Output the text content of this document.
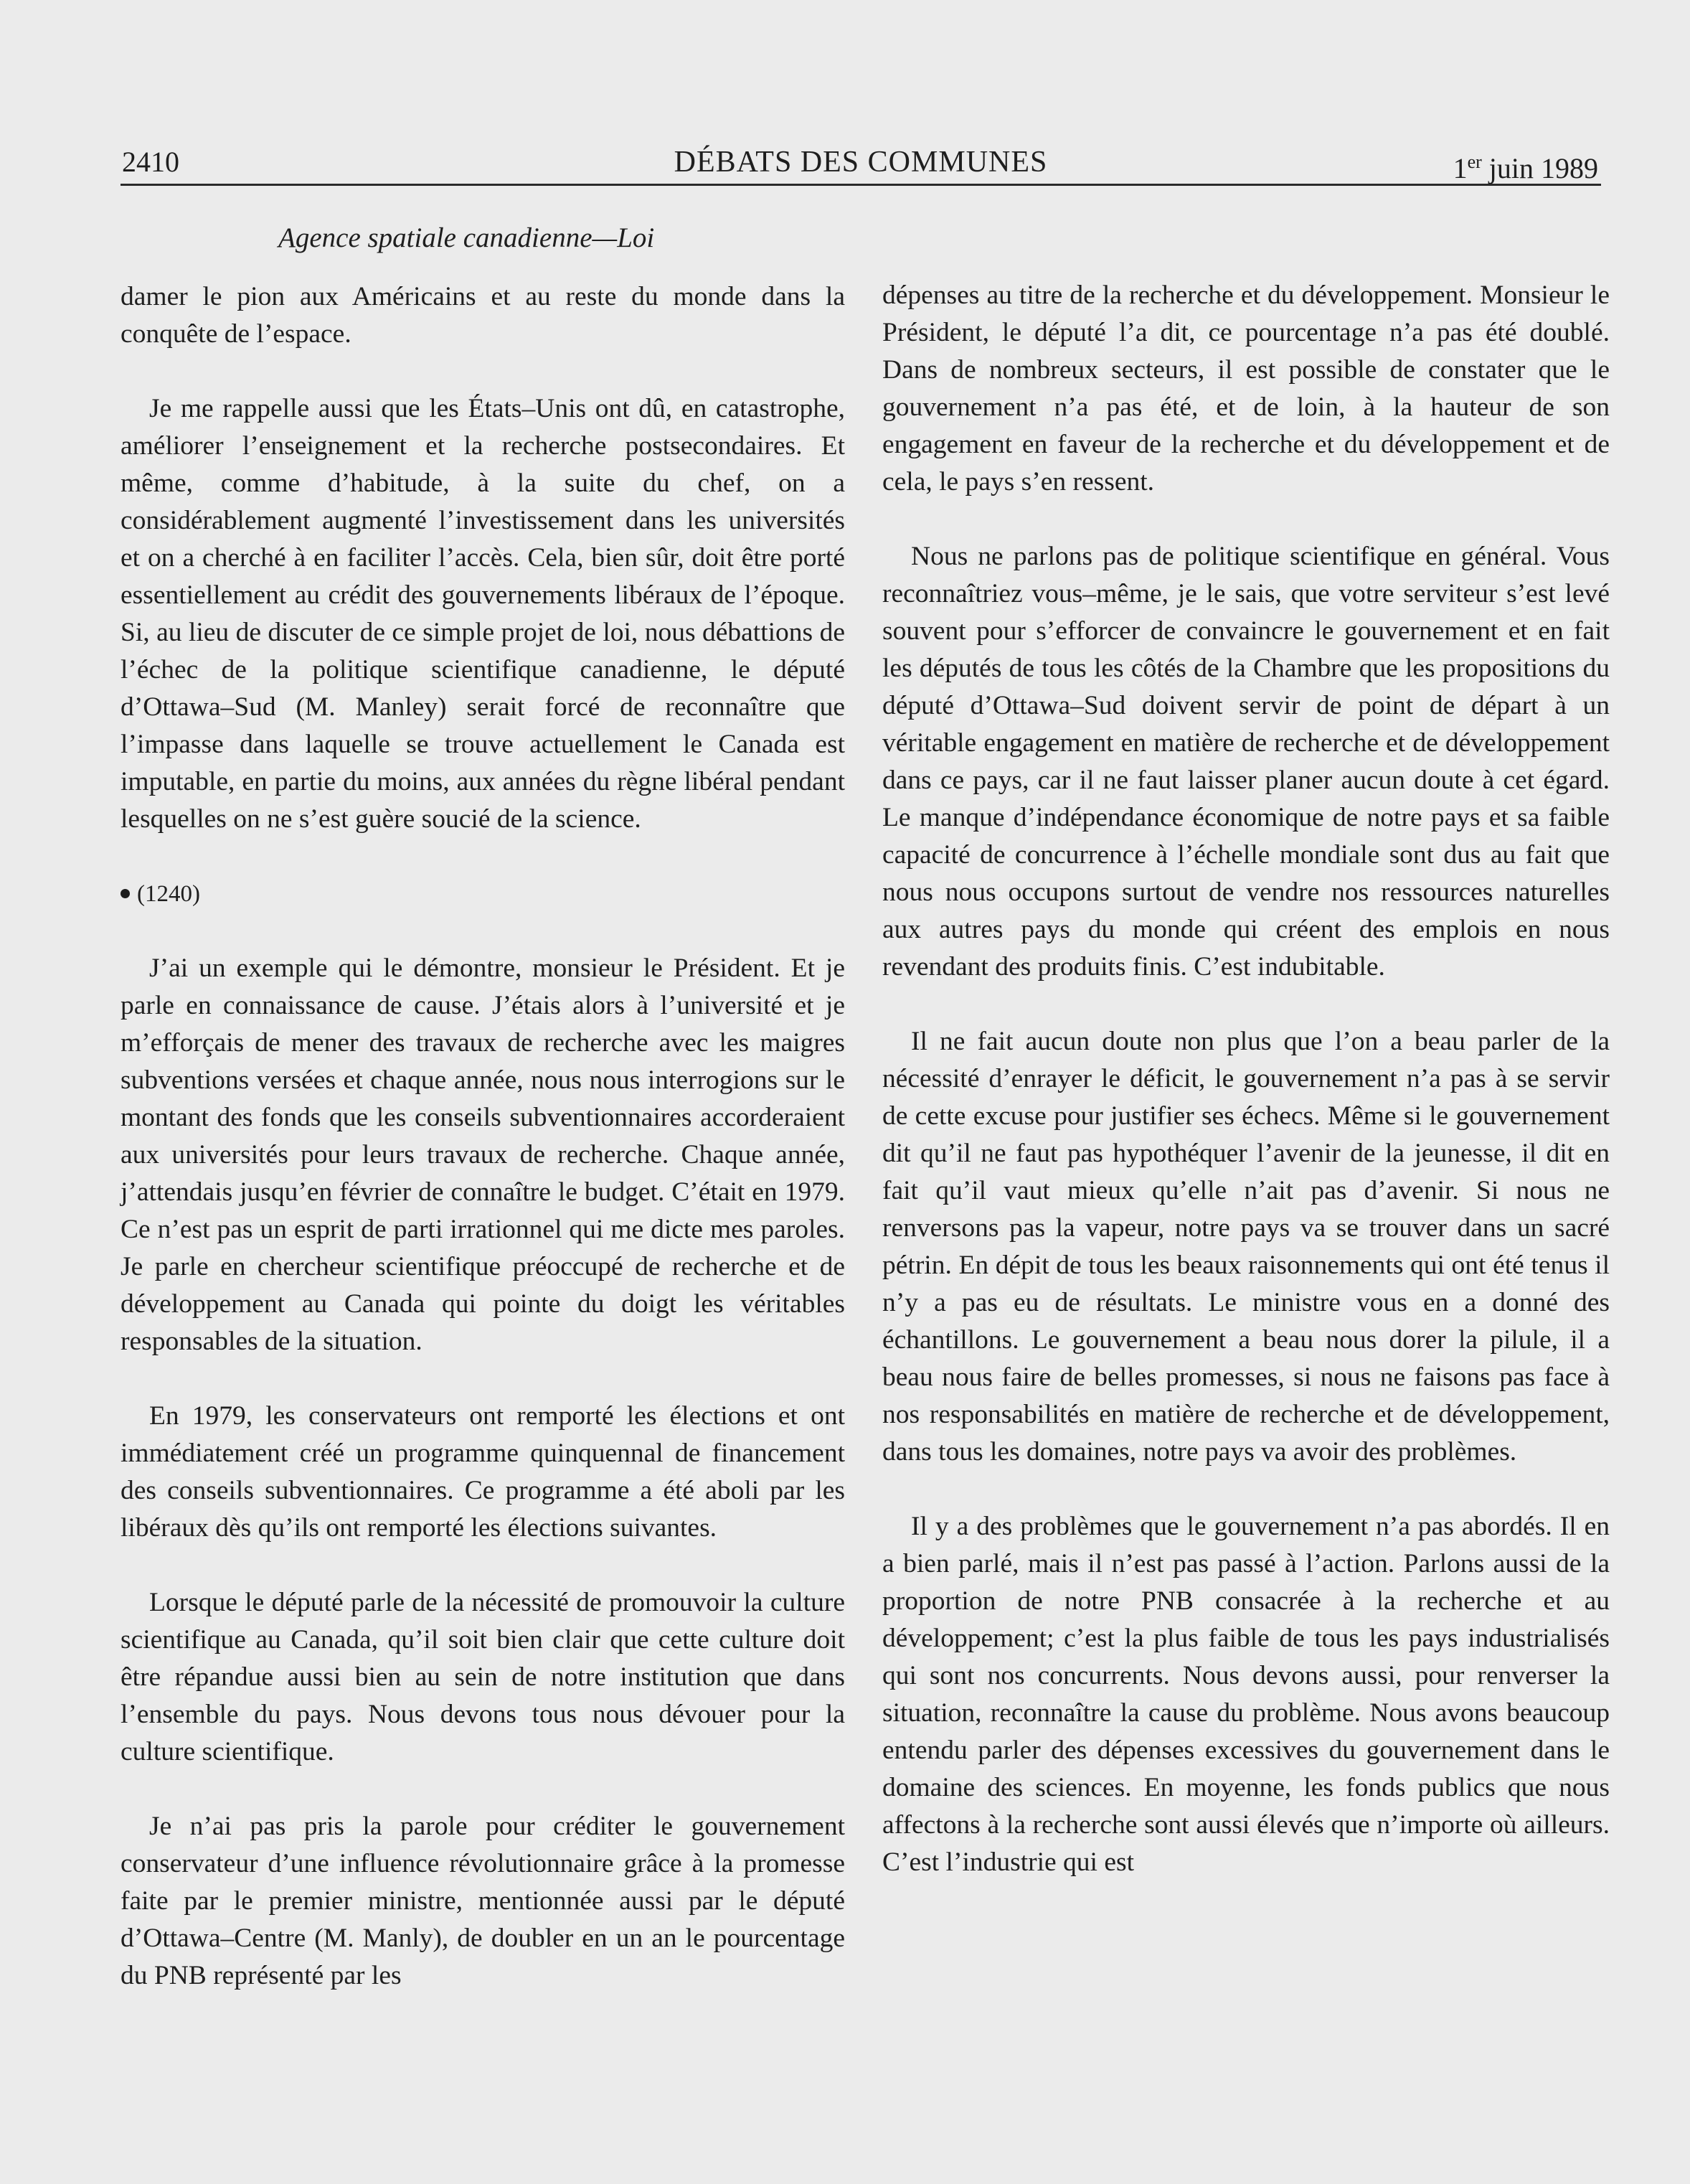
2410	DÉBATS DES COMMUNES	1er juin 1989
Agence spatiale canadienne—Loi

damer le pion aux Américains et au reste du monde dans la conquête de l’espace.

Je me rappelle aussi que les États–Unis ont dû, en catastrophe, améliorer l’enseignement et la recherche postsecondaires. Et même, comme d’habitude, à la suite du chef, on a considérablement augmenté l’investissement dans les universités et on a cherché à en faciliter l’accès. Cela, bien sûr, doit être porté essentiellement au crédit des gouvernements libéraux de l’époque. Si, au lieu de discuter de ce simple projet de loi, nous débattions de l’échec de la politique scientifique canadienne, le député d’Ottawa–Sud (M. Manley) serait forcé de reconnaître que l’impasse dans laquelle se trouve actuellement le Canada est imputable, en partie du moins, aux années du règne libéral pendant lesquelles on ne s’est guère soucié de la science.

(1240)

J’ai un exemple qui le démontre, monsieur le Président. Et je parle en connaissance de cause. J’étais alors à l’université et je m’efforçais de mener des travaux de recherche avec les maigres subventions versées et chaque année, nous nous interrogions sur le montant des fonds que les conseils subventionnaires accorderaient aux universités pour leurs travaux de recherche. Chaque année, j’attendais jusqu’en février de connaître le budget. C’était en 1979. Ce n’est pas un esprit de parti irrationnel qui me dicte mes paroles. Je parle en chercheur scientifique préoccupé de recherche et de développement au Canada qui pointe du doigt les véritables responsables de la situation.

En 1979, les conservateurs ont remporté les élections et ont immédiatement créé un programme quinquennal de financement des conseils subventionnaires. Ce programme a été aboli par les libéraux dès qu’ils ont remporté les élections suivantes.

Lorsque le député parle de la nécessité de promouvoir la culture scientifique au Canada, qu’il soit bien clair que cette culture doit être répandue aussi bien au sein de notre institution que dans l’ensemble du pays. Nous devons tous nous dévouer pour la culture scientifique.

Je n’ai pas pris la parole pour créditer le gouvernement conservateur d’une influence révolutionnaire grâce à la promesse faite par le premier ministre, mentionnée aussi par le député d’Ottawa–Centre (M. Manly), de doubler en un an le pourcentage du PNB représenté par les

dépenses au titre de la recherche et du développement. Monsieur le Président, le député l’a dit, ce pourcentage n’a pas été doublé. Dans de nombreux secteurs, il est possible de constater que le gouvernement n’a pas été, et de loin, à la hauteur de son engagement en faveur de la recherche et du développement et de cela, le pays s’en ressent.

Nous ne parlons pas de politique scientifique en général. Vous reconnaîtriez vous–même, je le sais, que votre serviteur s’est levé souvent pour s’efforcer de convaincre le gouvernement et en fait les députés de tous les côtés de la Chambre que les propositions du député d’Ottawa–Sud doivent servir de point de départ à un véritable engagement en matière de recherche et de développement dans ce pays, car il ne faut laisser planer aucun doute à cet égard. Le manque d’indépendance économique de notre pays et sa faible capacité de concurrence à l’échelle mondiale sont dus au fait que nous nous occupons surtout de vendre nos ressources naturelles aux autres pays du monde qui créent des emplois en nous revendant des produits finis. C’est indubitable.

Il ne fait aucun doute non plus que l’on a beau parler de la nécessité d’enrayer le déficit, le gouvernement n’a pas à se servir de cette excuse pour justifier ses échecs. Même si le gouvernement dit qu’il ne faut pas hypothéquer l’avenir de la jeunesse, il dit en fait qu’il vaut mieux qu’elle n’ait pas d’avenir. Si nous ne renversons pas la vapeur, notre pays va se trouver dans un sacré pétrin. En dépit de tous les beaux raisonnements qui ont été tenus il n’y a pas eu de résultats. Le ministre vous en a donné des échantillons. Le gouvernement a beau nous dorer la pilule, il a beau nous faire de belles promesses, si nous ne faisons pas face à nos responsabilités en matière de recherche et de développement, dans tous les domaines, notre pays va avoir des problèmes.

Il y a des problèmes que le gouvernement n’a pas abordés. Il en a bien parlé, mais il n’est pas passé à l’action. Parlons aussi de la proportion de notre PNB consacrée à la recherche et au développement; c’est la plus faible de tous les pays industrialisés qui sont nos concurrents. Nous devons aussi, pour renverser la situation, reconnaître la cause du problème. Nous avons beaucoup entendu parler des dépenses excessives du gouvernement dans le domaine des sciences. En moyenne, les fonds publics que nous affectons à la recherche sont aussi élevés que n’importe où ailleurs. C’est l’industrie qui est
